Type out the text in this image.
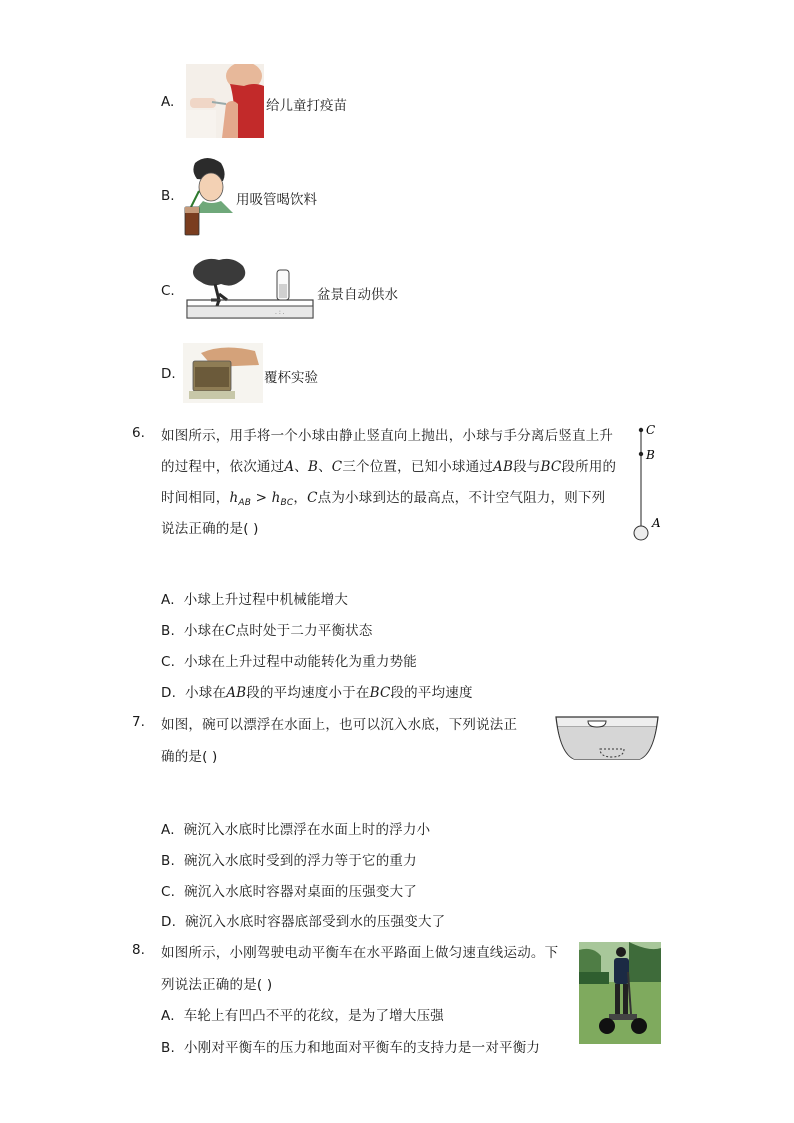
A.	给儿童打疫苗
B.	用吸管喝饮料
C.
. : .
盆景自动供水
D.	覆杯实验
6. 如图所示，用手将一个小球由静止竖直向上抛出，小球与手分离后竖直上升
的过程中，依次通过A、B、C三个位置，已知小球通过AB段与BC段所用的
时间相同，$h_{AB} > h_{BC}$，C点为小球到达的最高点，不计空气阻力，则下列
说法正确的是( )
C
B
A
A. 小球上升过程中机械能增大
B. 小球在C点时处于二力平衡状态
C. 小球在上升过程中动能转化为重力势能
D. 小球在AB段的平均速度小于在BC段的平均速度
7. 如图，碗可以漂浮在水面上，也可以沉入水底，下列说法正
确的是( )
A. 碗沉入水底时比漂浮在水面上时的浮力小
B. 碗沉入水底时受到的浮力等于它的重力
C. 碗沉入水底时容器对桌面的压强变大了
D. 碗沉入水底时容器底部受到水的压强变大了
8. 如图所示，小刚驾驶电动平衡车在水平路面上做匀速直线运动。下
列说法正确的是( )
A. 车轮上有凹凸不平的花纹，是为了增大压强
B. 小刚对平衡车的压力和地面对平衡车的支持力是一对平衡力
